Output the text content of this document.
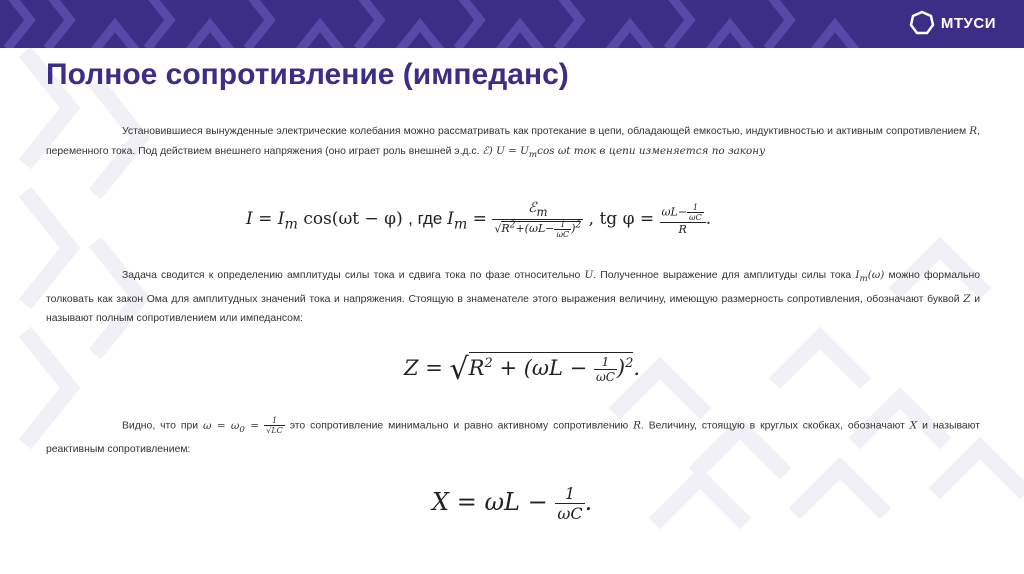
МТУСИ
Полное сопротивление (импеданс)
Установившиеся вынужденные электрические колебания можно рассматривать как протекание в цепи, обладающей емкостью, индуктивностью и активным сопротивлением R, переменного тока. Под действием внешнего напряжения (оно играет роль внешней э.д.с. ℰ) $U = U_m\cos$ ωt ток в цепи изменяется по закону
$I = I_m$ cos(ωt − φ) , где $I_m = \frac{ℰ_m}{√R^2+(\omega L- \frac{1}{\omega C} )^2}$ , tg $\varphi = \frac{\omega L- \frac{1}{\omega C}}{R}$ .
Задача сводится к определению амплитуды силы тока и сдвига тока по фазе относительно U. Полученное выражение для амплитуды силы тока $I_m(\omega)$ можно формально толковать как закон Ома для амплитудных значений тока и напряжения. Стоящую в знаменателе этого выражения величину, имеющую размерность сопротивления, обозначают буквой Z и называют полным сопротивлением или импедансом:
$Z = √R^2 + (\omega L - \frac{1}{\omega C} )^2$.
Видно, что при $\omega = \omega_0 = \frac{1}{√LC}$ это сопротивление минимально и равно активному сопротивлению R. Величину, стоящую в круглых скобках, обозначают X и называют реактивным сопротивлением:
$X = \omega L - \frac{1}{\omega C}$ .
